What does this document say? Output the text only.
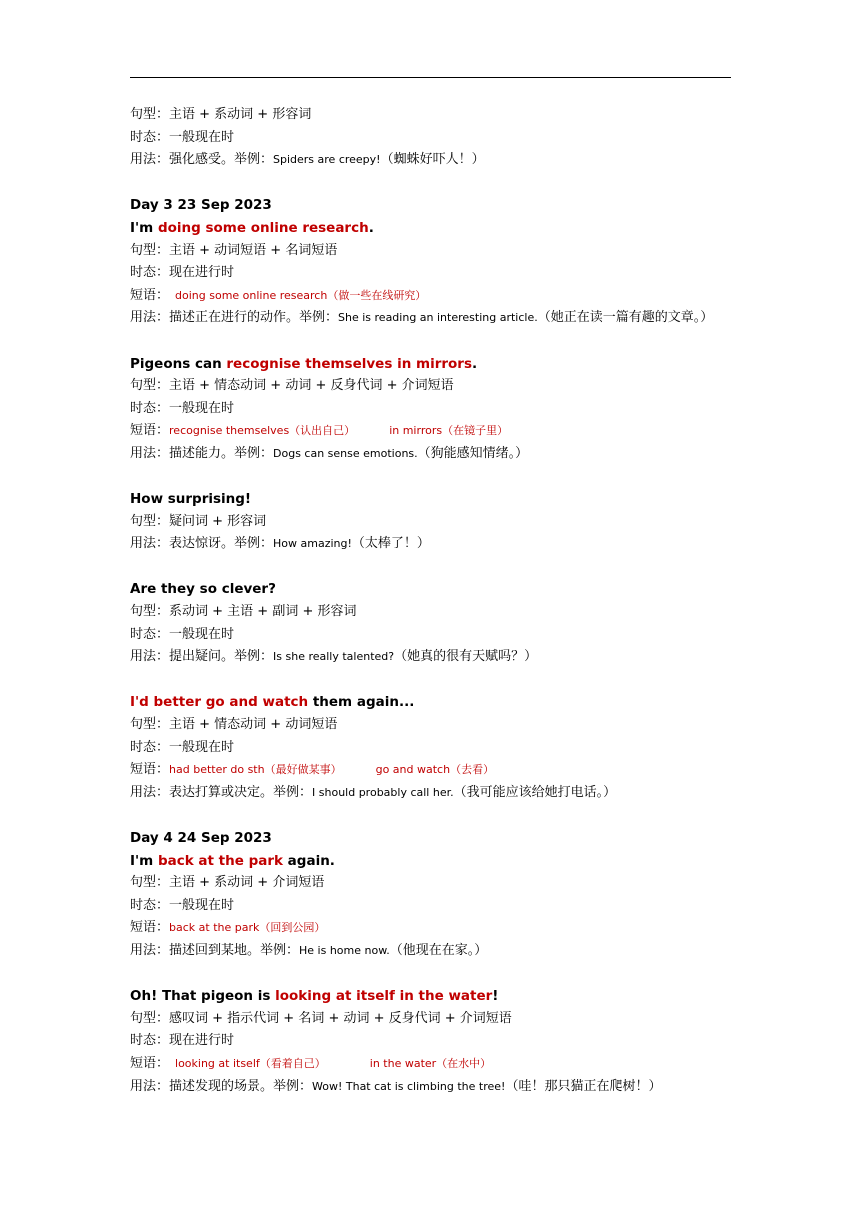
句型：主语 + 系动词 + 形容词
时态：一般现在时
用法：强化感受。举例：Spiders are creepy!（蜘蛛好吓人！）
Day 3 23 Sep 2023
I'm doing some online research.
句型：主语 + 动词短语 + 名词短语
时态：现在进行时
短语： doing some online research（做一些在线研究）
用法：描述正在进行的动作。举例：She is reading an interesting article.（她正在读一篇有趣的文章。）
Pigeons can recognise themselves in mirrors.
句型：主语 + 情态动词 + 动词 + 反身代词 + 介词短语
时态：一般现在时
短语：recognise themselves（认出自己）	in mirrors（在镜子里）
用法：描述能力。举例：Dogs can sense emotions.（狗能感知情绪。）
How surprising!
句型：疑问词 + 形容词
用法：表达惊讶。举例：How amazing!（太棒了！）
Are they so clever?
句型：系动词 + 主语 + 副词 + 形容词
时态：一般现在时
用法：提出疑问。举例：Is she really talented?（她真的很有天赋吗？）
I'd better go and watch them again...
句型：主语 + 情态动词 + 动词短语
时态：一般现在时
短语：had better do sth（最好做某事）	go and watch（去看）
用法：表达打算或决定。举例：I should probably call her.（我可能应该给她打电话。）
Day 4 24 Sep 2023
I'm back at the park again.
句型：主语 + 系动词 + 介词短语
时态：一般现在时
短语：back at the park（回到公园）
用法：描述回到某地。举例：He is home now.（他现在在家。）
Oh! That pigeon is looking at itself in the water!
句型：感叹词 + 指示代词 + 名词 + 动词 + 反身代词 + 介词短语
时态：现在进行时
短语： looking at itself（看着自己）	in the water（在水中）
用法：描述发现的场景。举例：Wow! That cat is climbing the tree!（哇！那只猫正在爬树！）
